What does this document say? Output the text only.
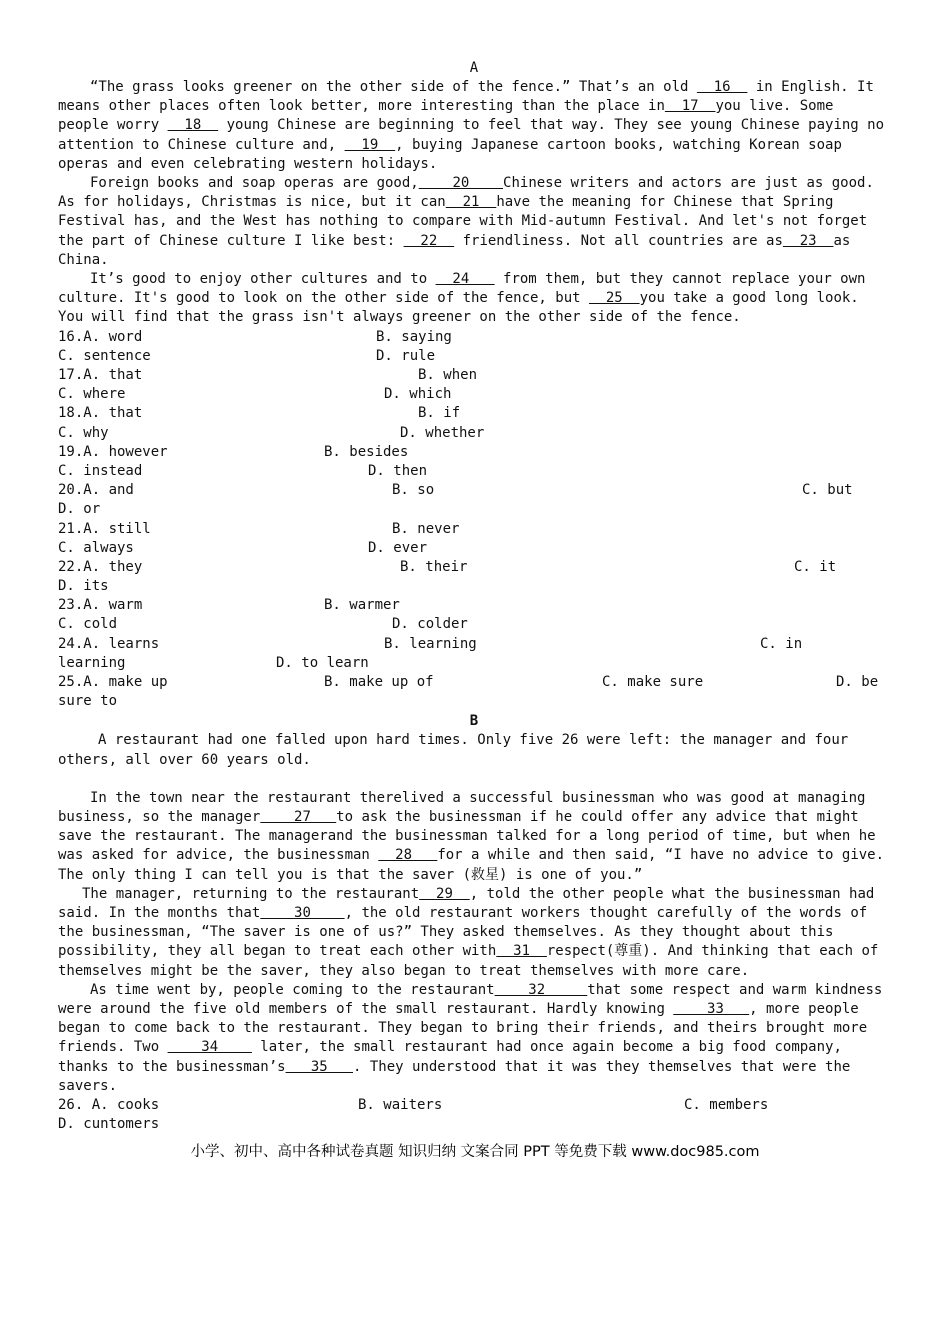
A

“The grass looks greener on the other side of the fence.” That’s an old   16   in English. It means other places often look better, more interesting than the place in  17  you live. Some people worry   18   young Chinese are beginning to feel that way. They see young Chinese paying no attention to Chinese culture and,   19  , buying Japanese cartoon books, watching Korean soap operas and even celebrating western holidays.

Foreign books and soap operas are good,    20    Chinese writers and actors are just as good. As for holidays, Christmas is nice, but it can  21  have the meaning for Chinese that Spring Festival has, and the West has nothing to compare with Mid-autumn Festival. And let's not forget the part of Chinese culture I like best:   22   friendliness. Not all countries are as  23  as China.

It’s good to enjoy other cultures and to   24    from them, but they cannot replace your own culture. It's good to look on the other side of the fence, but   25  you take a good long look. You will find that the grass isn't always greener on the other side of the fence.

16.A. word	B. saying
C. sentence	D. rule
17.A. that	B. when
C. where	D. which
18.A. that	B. if
C. why	D. whether
19.A. however	B. besides
C. instead	D. then
20.A. and	B. so	C. but
D. or
21.A. still	B. never
C. always	D. ever
22.A. they	B. their	C. it
D. its
23.A. warm	B. warmer
C. cold	D. colder
24.A. learns	B. learning	C. in
learning	D. to learn
25.A. make up	B. make up of	C. make sure	D. be
sure to
B

A restaurant had one falled upon hard times. Only five 26 were left: the manager and four others, all over 60 years old.

In the town near the restaurant therelived a successful businessman who was good at managing business, so the manager    27   to ask the businessman if he could offer any advice that might save the restaurant. The managerand the businessman talked for a long period of time, but when he was asked for advice, the businessman   28   for a while and then said, “I have no advice to give. The only thing I can tell you is that the saver (救星) is one of you.”

The manager, returning to the restaurant  29  , told the other people what the businessman had said. In the months that    30    , the old restaurant workers thought carefully of the words of the businessman, “The saver is one of us?” They asked themselves. As they thought about this possibility, they all began to treat each other with  31  respect(尊重). And thinking that each of themselves might be the saver, they also began to treat themselves with more care.

As time went by, people coming to the restaurant    32     that some respect and warm kindness were around the five old members of the small restaurant. Hardly knowing     33   , more people began to come back to the restaurant. They began to bring their friends, and theirs brought more friends. Two     34     later, the small restaurant had once again become a big food company, thanks to the businessman’s   35   . They understood that it was they themselves that were the savers.

26. A. cooks	B. waiters	C. members
D. cuntomers
小学、初中、高中各种试卷真题 知识归纳 文案合同 PPT 等免费下载 www.doc985.com
